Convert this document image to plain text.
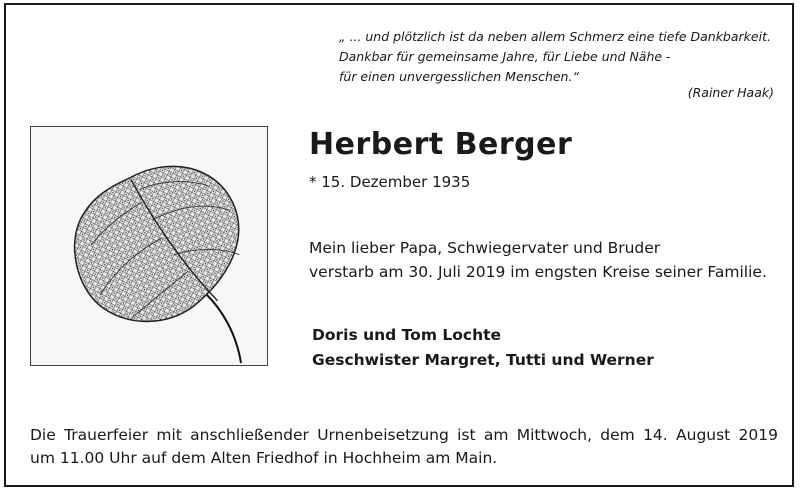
„ ... und plötzlich ist da neben allem Schmerz eine tiefe Dankbarkeit.
Dankbar für gemeinsame Jahre, für Liebe und Nähe -
für einen unvergesslichen Menschen.“
(Rainer Haak)
Herbert Berger
* 15. Dezember 1935
Mein lieber Papa, Schwiegervater und Bruder
verstarb am 30. Juli 2019 im engsten Kreise seiner Familie.
Doris und Tom Lochte
Geschwister Margret, Tutti und Werner
Die Trauerfeier mit anschließender Urnenbeisetzung ist am Mittwoch, dem 14. August 2019
um 11.00 Uhr auf dem Alten Friedhof in Hochheim am Main.
